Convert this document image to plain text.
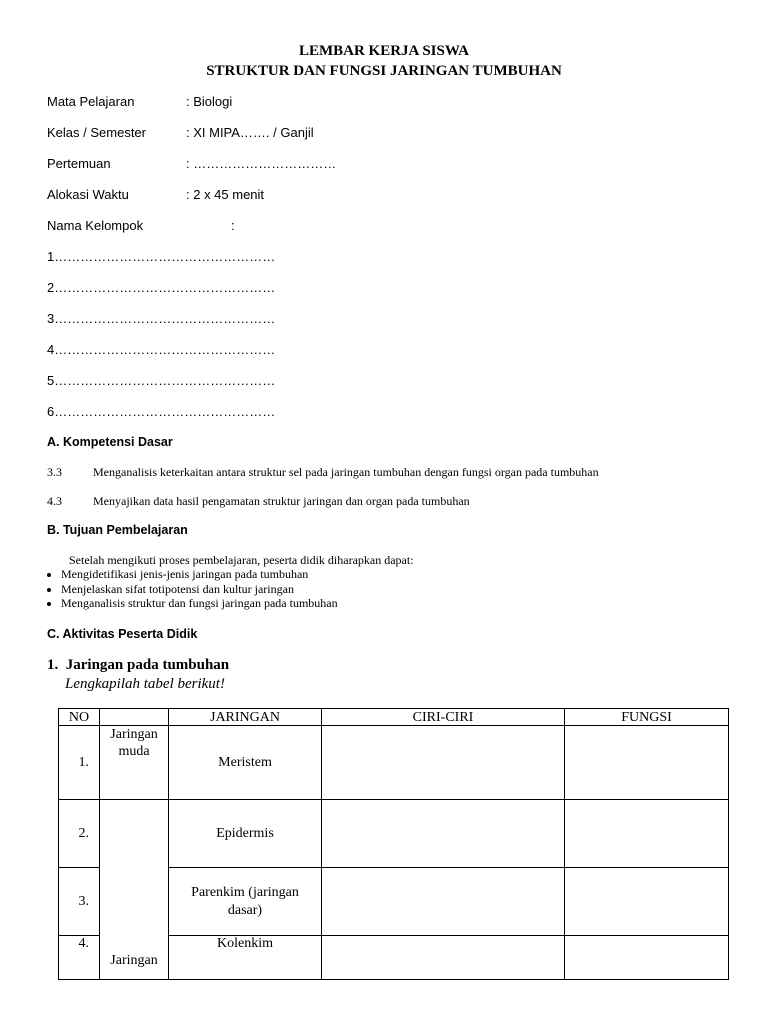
LEMBAR KERJA SISWA
STRUKTUR DAN FUNGSI JARINGAN TUMBUHAN
Mata Pelajaran	: Biologi
Kelas / Semester	: XI MIPA……. / Ganjil
Pertemuan	: ……………………………
Alokasi Waktu	: 2 x 45 menit
Nama Kelompok	:
1……………………………………………
2……………………………………………
3……………………………………………
4……………………………………………
5……………………………………………
6……………………………………………
A. Kompetensi Dasar
3.3	Menganalisis keterkaitan antara struktur sel pada jaringan tumbuhan dengan fungsi organ pada tumbuhan
4.3	Menyajikan data hasil pengamatan struktur jaringan dan organ pada tumbuhan
B. Tujuan Pembelajaran
Setelah mengikuti proses pembelajaran, peserta didik diharapkan dapat:
• Mengidetifikasi jenis-jenis jaringan pada tumbuhan
• Menjelaskan sifat totipotensi dan kultur jaringan
• Menganalisis struktur dan fungsi jaringan pada tumbuhan
C. Aktivitas Peserta Didik
1.  Jaringan pada tumbuhan
Lengkapilah tabel berikut!
NO		JARINGAN	CIRI-CIRI	FUNGSI
1.	Jaringan muda	Meristem		
2.	Jaringan	Epidermis		
3.		Parenkim (jaringan dasar)		
4.		Kolenkim		
